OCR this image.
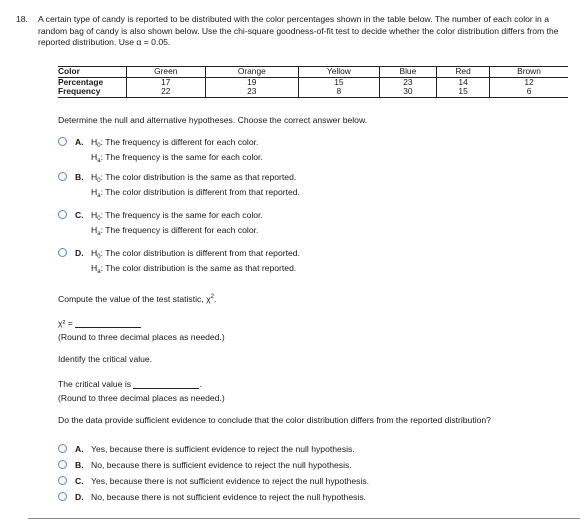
18. A certain type of candy is reported to be distributed with the color percentages shown in the table below. The number of each color in a random bag of candy is also shown below. Use the chi-square goodness-of-fit test to decide whether the color distribution differs from the reported distribution. Use α = 0.05.
Color	Green	Orange	Yellow	Blue	Red	Brown
Percentage	17	19	15	23	14	12
Frequency	22	23	8	30	15	6
Determine the null and alternative hypotheses. Choose the correct answer below.
A. $H_0$: The frequency is different for each color.
$H_a$: The frequency is the same for each color.
B. $H_0$: The color distribution is the same as that reported.
$H_a$: The color distribution is different from that reported.
C. $H_0$: The frequency is the same for each color.
$H_a$: The frequency is different for each color.
D. $H_0$: The color distribution is different from that reported.
$H_a$: The color distribution is the same as that reported.
Compute the value of the test statistic, $\chi^2$.
χ² =
(Round to three decimal places as needed.)
Identify the critical value.
The critical value is	.
(Round to three decimal places as needed.)
Do the data provide sufficient evidence to conclude that the color distribution differs from the reported distribution?
A. Yes, because there is sufficient evidence to reject the null hypothesis.
B. No, because there is sufficient evidence to reject the null hypothesis.
C. Yes, because there is not sufficient evidence to reject the null hypothesis.
D. No, because there is not sufficient evidence to reject the null hypothesis.
